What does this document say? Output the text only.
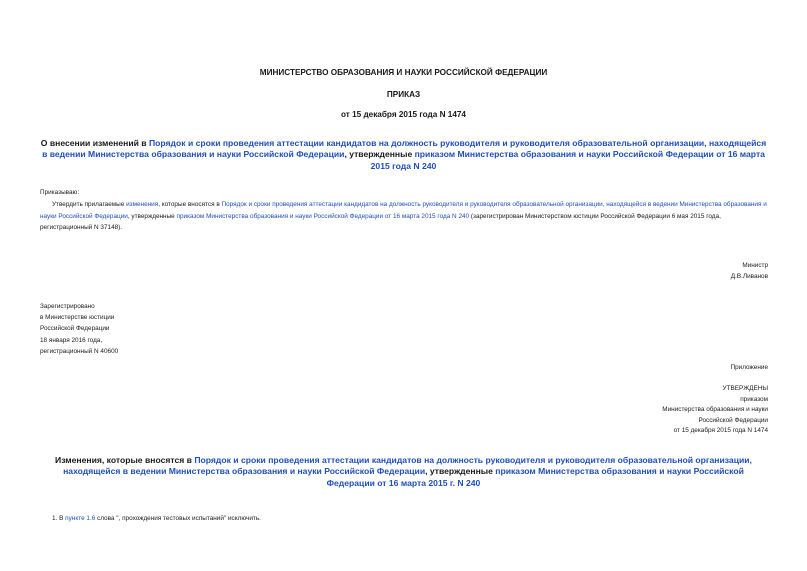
МИНИСТЕРСТВО ОБРАЗОВАНИЯ И НАУКИ РОССИЙСКОЙ ФЕДЕРАЦИИ
ПРИКАЗ
от 15 декабря 2015 года N 1474
О внесении изменений в Порядок и сроки проведения аттестации кандидатов на должность руководителя и руководителя образовательной организации, находящейся в ведении Министерства образования и науки Российской Федерации, утвержденные приказом Министерства образования и науки Российской Федерации от 16 марта 2015 года N 240
Приказываю:
Утвердить прилагаемые изменения, которые вносятся в Порядок и сроки проведения аттестации кандидатов на должность руководителя и руководителя образовательной организации, находящейся в ведении Министерства образования и науки Российской Федерации, утвержденные приказом Министерства образования и науки Российской Федерации от 16 марта 2015 года N 240 (зарегистрирован Министерством юстиции Российской Федерации 6 мая 2015 года, регистрационный N 37148).
Министр
Д.В.Ливанов
Зарегистрировано
в Министерстве юстиции
Российской Федерации
18 января 2016 года,
регистрационный N 40600
Приложение
УТВЕРЖДЕНЫ
приказом
Министерства образования и науки
Российской Федерации
от 15 декабря 2015 года N 1474
Изменения, которые вносятся в Порядок и сроки проведения аттестации кандидатов на должность руководителя и руководителя образовательной организации, находящейся в ведении Министерства образования и науки Российской Федерации, утвержденные приказом Министерства образования и науки Российской Федерации от 16 марта 2015 г. N 240
1. В пункте 1.6 слова ", прохождения тестовых испытаний" исключить.
